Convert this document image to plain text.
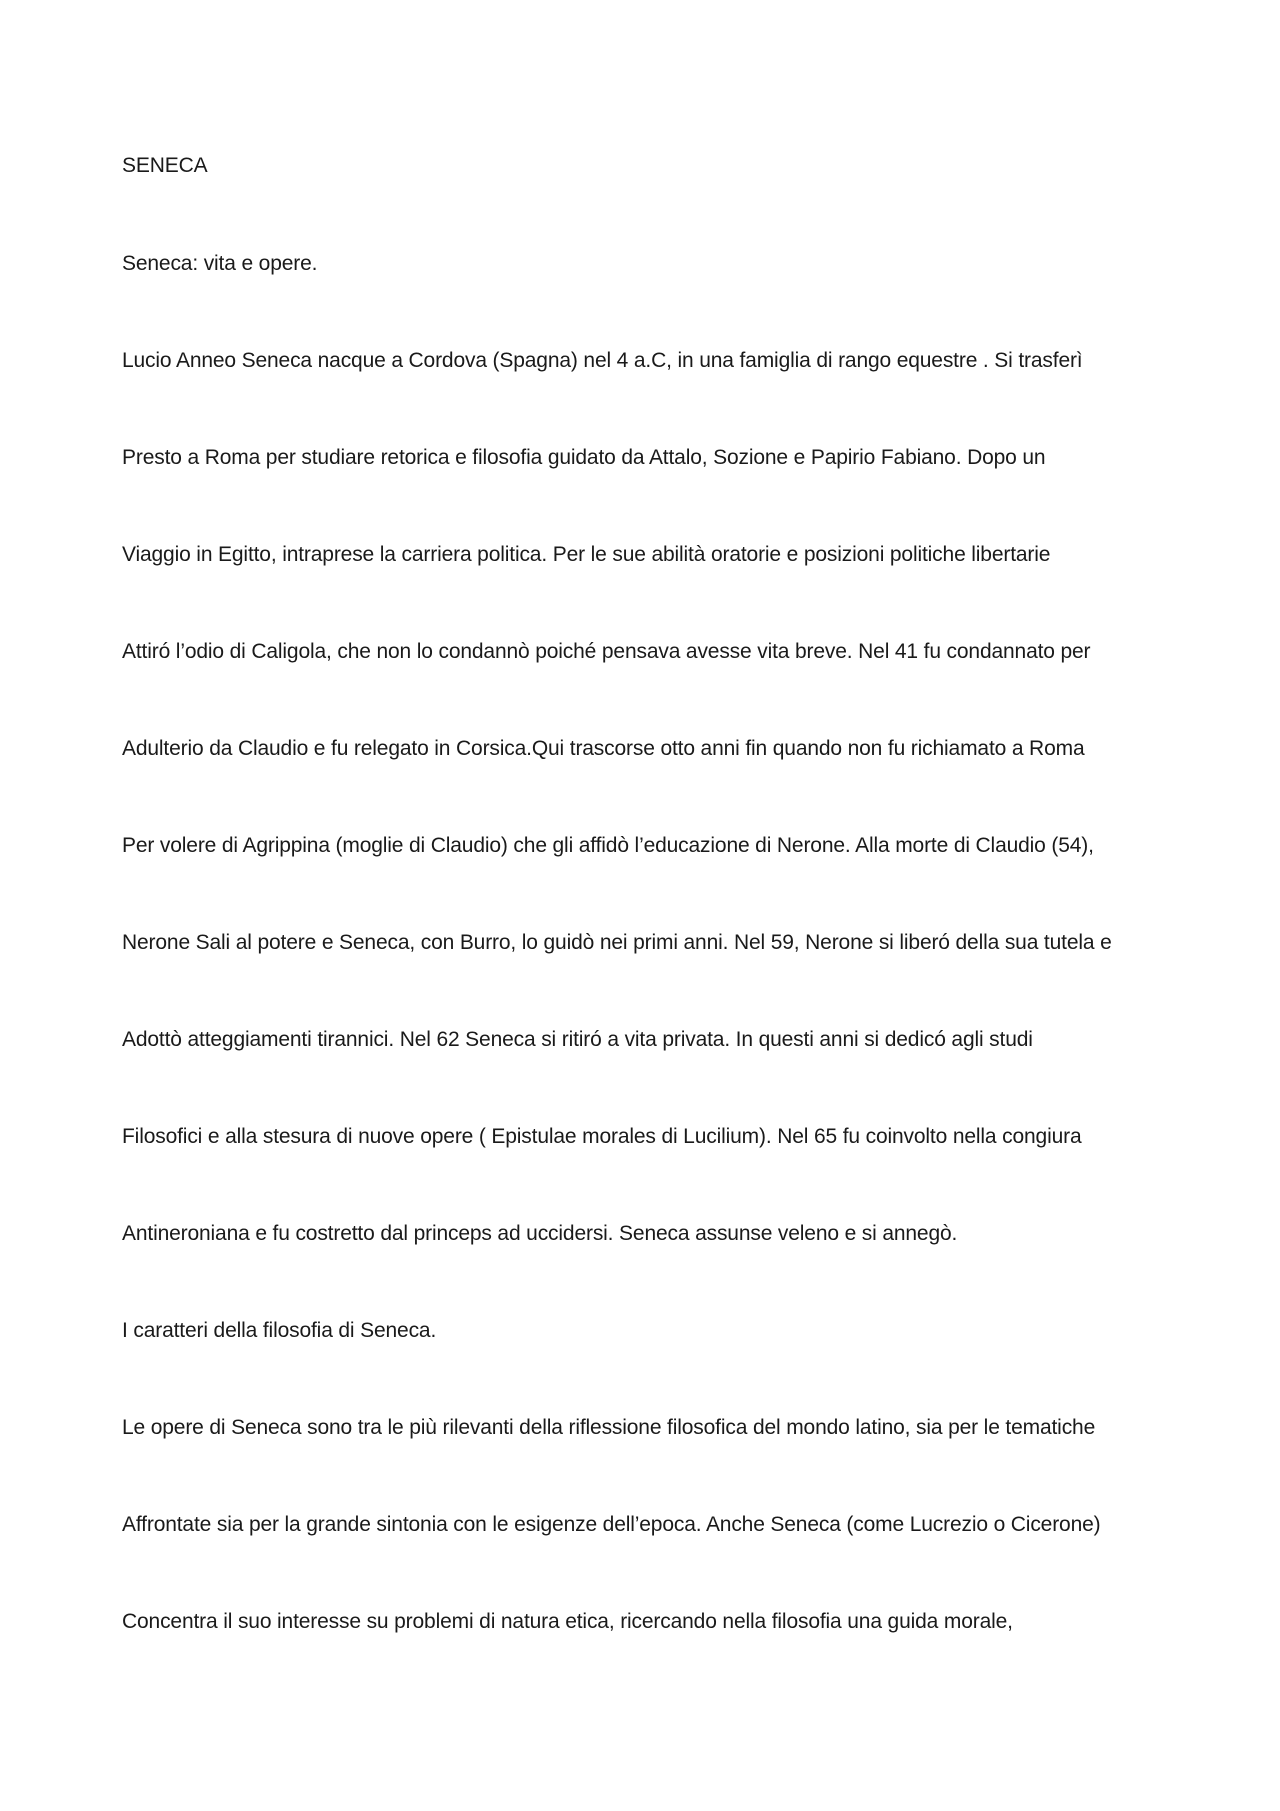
SENECA

Seneca: vita e opere.

Lucio Anneo Seneca nacque a Cordova (Spagna) nel 4 a.C, in una famiglia di rango equestre . Si trasferì

Presto a Roma per studiare retorica e filosofia guidato da Attalo, Sozione e Papirio Fabiano. Dopo un

Viaggio in Egitto, intraprese la carriera politica. Per le sue abilità oratorie e posizioni politiche libertarie

Attiró l’odio di Caligola, che non lo condannò poiché pensava avesse vita breve. Nel 41 fu condannato per

Adulterio da Claudio e fu relegato in Corsica.Qui trascorse otto anni fin quando non fu richiamato a Roma

Per volere di Agrippina (moglie di Claudio) che gli affidò l’educazione di Nerone. Alla morte di Claudio (54),

Nerone Sali al potere e Seneca, con Burro, lo guidò nei primi anni. Nel 59, Nerone si liberó della sua tutela e

Adottò atteggiamenti tirannici. Nel 62 Seneca si ritiró a vita privata. In questi anni si dedicó agli studi

Filosofici e alla stesura di nuove opere ( Epistulae morales di Lucilium). Nel 65 fu coinvolto nella congiura

Antineroniana e fu costretto dal princeps ad uccidersi. Seneca assunse veleno e si annegò.

I caratteri della filosofia di Seneca.

Le opere di Seneca sono tra le più rilevanti della riflessione filosofica del mondo latino, sia per le tematiche

Affrontate sia per la grande sintonia con le esigenze dell’epoca. Anche Seneca (come Lucrezio o Cicerone)

Concentra il suo interesse su problemi di natura etica, ricercando nella filosofia una guida morale,
